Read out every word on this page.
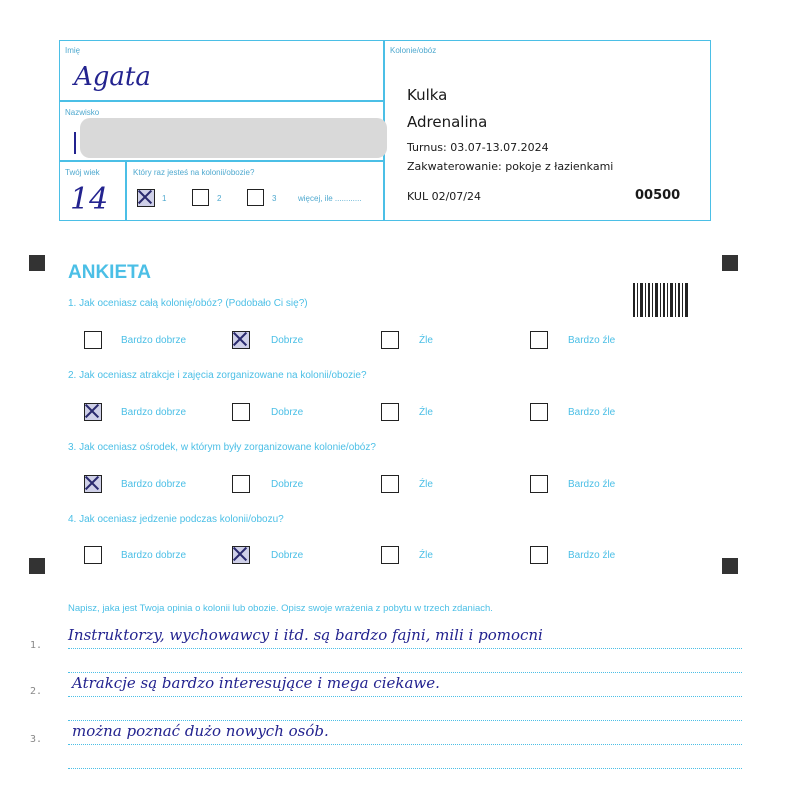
Imię
Agata
Nazwisko
Twój wiek
14
Który raz jesteś na kolonii/obozie?
1	2	3	więcej, ile ............
Kolonie/obóz
Kulka
Adrenalina
Turnus: 03.07-13.07.2024
Zakwaterowanie: pokoje z łazienkami
KUL 02/07/24	00500
ANKIETA
1. Jak oceniasz całą kolonię/obóz? (Podobało Ci się?)
Bardzo dobrze	Dobrze	Źle	Bardzo źle
2. Jak oceniasz atrakcje i zajęcia zorganizowane na kolonii/obozie?
Bardzo dobrze	Dobrze	Źle	Bardzo źle
3. Jak oceniasz ośrodek, w którym były zorganizowane kolonie/obóz?
Bardzo dobrze	Dobrze	Źle	Bardzo źle
4. Jak oceniasz jedzenie podczas kolonii/obozu?
Bardzo dobrze	Dobrze	Źle	Bardzo źle
Napisz, jaka jest Twoja opinia o kolonii lub obozie. Opisz swoje wrażenia z pobytu w trzech zdaniach.
1.
Instruktorzy, wychowawcy i itd. są bardzo fajni, mili i pomocni
2. Atrakcje są bardzo interesujące i mega ciekawe.
3. można poznać dużo nowych osób.
